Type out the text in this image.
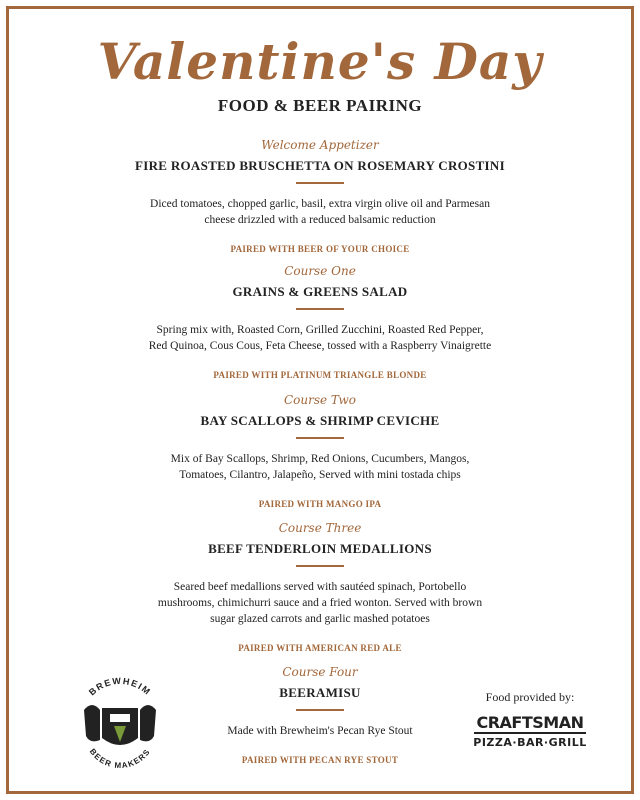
Valentine's Day
FOOD & BEER PAIRING
Welcome Appetizer
FIRE ROASTED BRUSCHETTA ON ROSEMARY CROSTINI
Diced tomatoes, chopped garlic, basil, extra virgin olive oil and Parmesan
cheese drizzled with a reduced balsamic reduction
PAIRED WITH BEER OF YOUR CHOICE
Course One
GRAINS & GREENS SALAD
Spring mix with, Roasted Corn, Grilled Zucchini, Roasted Red Pepper,
Red Quinoa, Cous Cous, Feta Cheese, tossed with a Raspberry Vinaigrette
PAIRED WITH PLATINUM TRIANGLE BLONDE
Course Two
BAY SCALLOPS & SHRIMP CEVICHE
Mix of Bay Scallops, Shrimp, Red Onions, Cucumbers, Mangos,
Tomatoes, Cilantro, Jalapeño, Served with mini tostada chips
PAIRED WITH MANGO IPA
Course Three
BEEF TENDERLOIN MEDALLIONS
Seared beef medallions served with sautéed spinach, Portobello
mushrooms, chimichurri sauce and a fried wonton. Served with brown
sugar glazed carrots and garlic mashed potatoes
PAIRED WITH AMERICAN RED ALE
Course Four
BEERAMISU
Made with Brewheim's Pecan Rye Stout
PAIRED WITH PECAN RYE STOUT
BREWHEIM
BEER MAKERS
Food provided by:
CRAFTSMAN
PIZZA·BAR·GRILL
